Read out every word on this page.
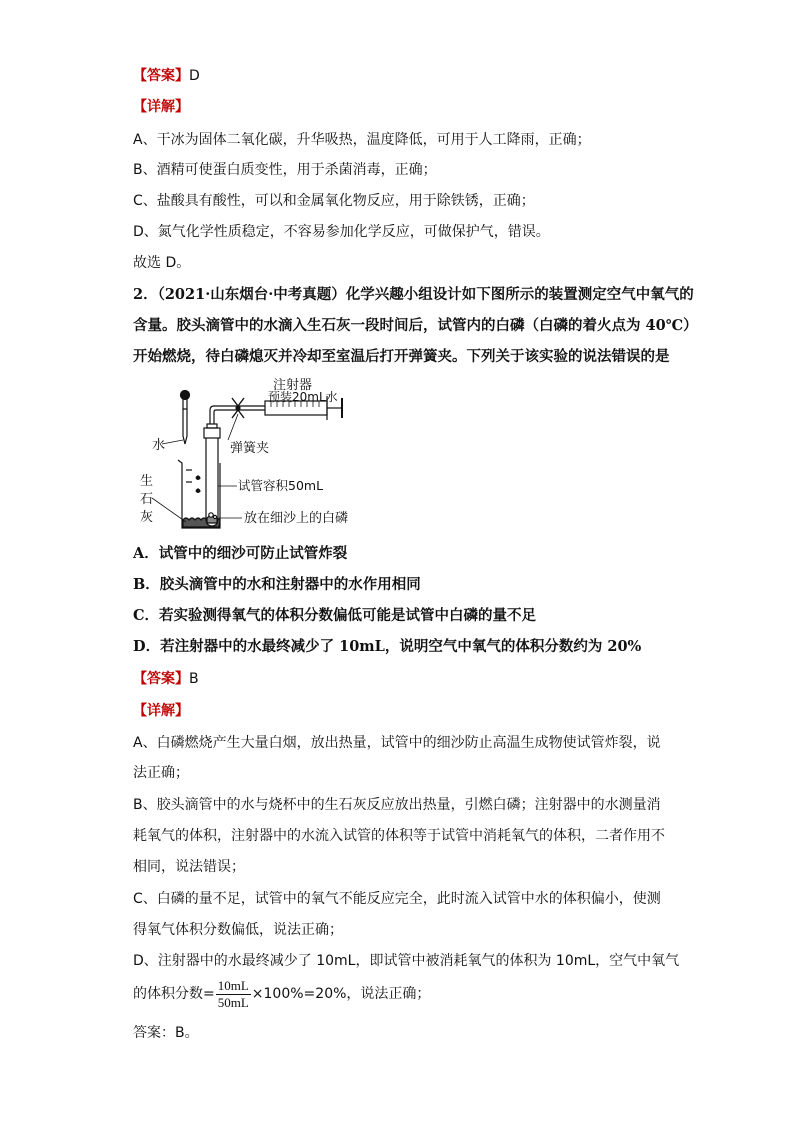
【答案】D
【详解】
A、干冰为固体二氧化碳，升华吸热，温度降低，可用于人工降雨，正确；
B、酒精可使蛋白质变性，用于杀菌消毒，正确；
C、盐酸具有酸性，可以和金属氧化物反应，用于除铁锈，正确；
D、氮气化学性质稳定，不容易参加化学反应，可做保护气，错误。
故选 D。
2．（2021·山东烟台·中考真题）化学兴趣小组设计如下图所示的装置测定空气中氧气的
含量。胶头滴管中的水滴入生石灰一段时间后，试管内的白磷（白磷的着火点为 40℃）
开始燃烧，待白磷熄灭并冷却至室温后打开弹簧夹。下列关于该实验的说法错误的是
注射器
预装20mL水
水	弹簧夹
生
石
灰
试管容积50mL
放在细沙上的白磷
A．试管中的细沙可防止试管炸裂
B．胶头滴管中的水和注射器中的水作用相同
C．若实验测得氧气的体积分数偏低可能是试管中白磷的量不足
D．若注射器中的水最终减少了 10mL，说明空气中氧气的体积分数约为 20%
【答案】B
【详解】
A、白磷燃烧产生大量白烟，放出热量，试管中的细沙防止高温生成物使试管炸裂，说
法正确；
B、胶头滴管中的水与烧杯中的生石灰反应放出热量，引燃白磷；注射器中的水测量消
耗氧气的体积，注射器中的水流入试管的体积等于试管中消耗氧气的体积，二者作用不
相同，说法错误；
C、白磷的量不足，试管中的氧气不能反应完全，此时流入试管中水的体积偏小，使测
得氧气体积分数偏低，说法正确；
D、注射器中的水最终减少了 10mL，即试管中被消耗氧气的体积为 10mL，空气中氧气
的体积分数= $\frac{10mL}{50mL} \times 100\%=20\%$，说法正确；
答案：B。
